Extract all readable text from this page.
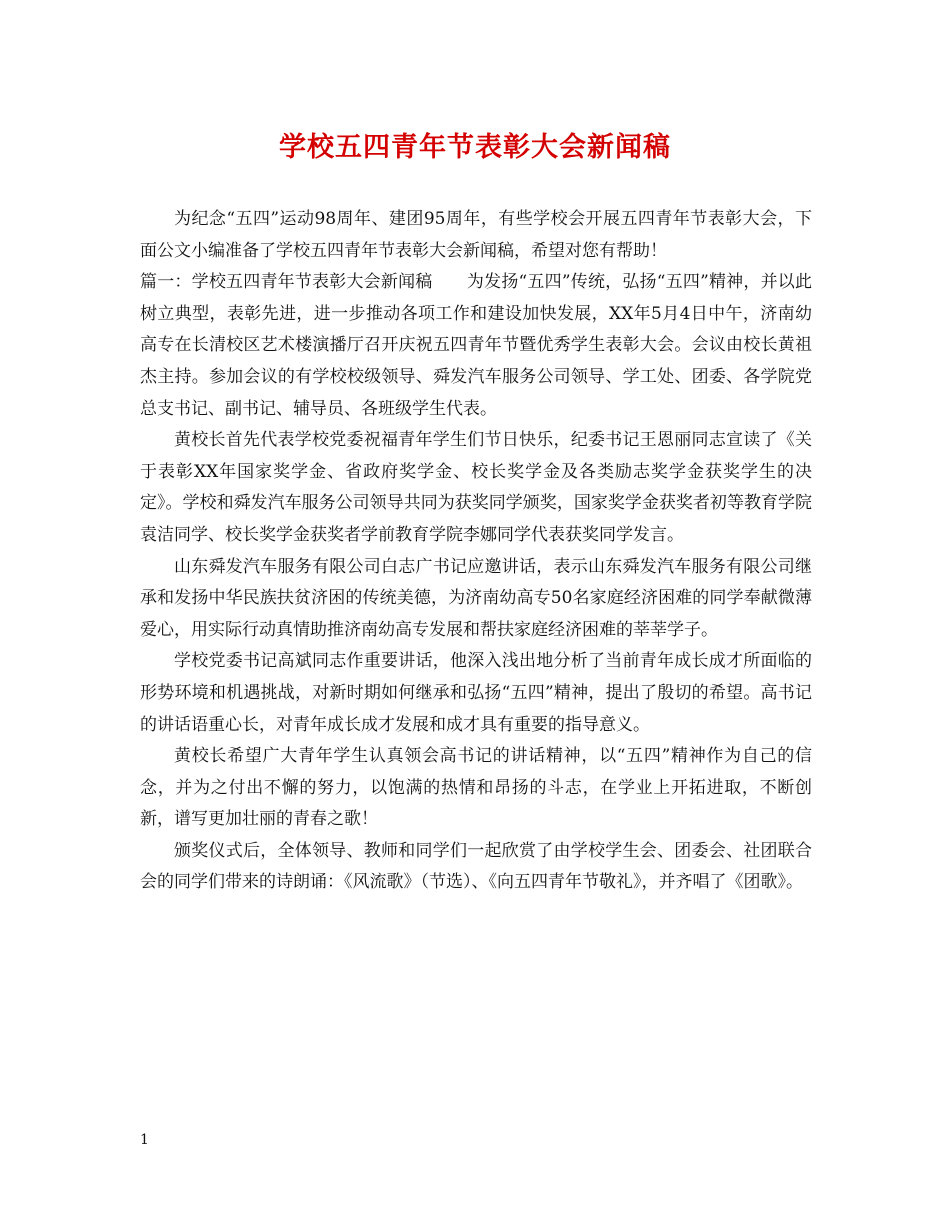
学校五四青年节表彰大会新闻稿

为纪念“五四”运动98周年、建团95周年，有些学校会开展五四青年节表彰大会，下面公文小编准备了学校五四青年节表彰大会新闻稿，希望对您有帮助！

篇一：学校五四青年节表彰大会新闻稿　　为发扬“五四”传统，弘扬“五四”精神，并以此树立典型，表彰先进，进一步推动各项工作和建设加快发展，XX年5月4日中午，济南幼高专在长清校区艺术楼演播厅召开庆祝五四青年节暨优秀学生表彰大会。会议由校长黄祖杰主持。参加会议的有学校校级领导、舜发汽车服务公司领导、学工处、团委、各学院党总支书记、副书记、辅导员、各班级学生代表。

黄校长首先代表学校党委祝福青年学生们节日快乐，纪委书记王恩丽同志宣读了《关于表彰XX年国家奖学金、省政府奖学金、校长奖学金及各类励志奖学金获奖学生的决定》。学校和舜发汽车服务公司领导共同为获奖同学颁奖，国家奖学金获奖者初等教育学院袁洁同学、校长奖学金获奖者学前教育学院李娜同学代表获奖同学发言。

山东舜发汽车服务有限公司白志广书记应邀讲话，表示山东舜发汽车服务有限公司继承和发扬中华民族扶贫济困的传统美德，为济南幼高专50名家庭经济困难的同学奉献微薄爱心，用实际行动真情助推济南幼高专发展和帮扶家庭经济困难的莘莘学子。

学校党委书记高斌同志作重要讲话，他深入浅出地分析了当前青年成长成才所面临的形势环境和机遇挑战，对新时期如何继承和弘扬“五四”精神，提出了殷切的希望。高书记的讲话语重心长，对青年成长成才发展和成才具有重要的指导意义。

黄校长希望广大青年学生认真领会高书记的讲话精神，以“五四”精神作为自己的信念，并为之付出不懈的努力，以饱满的热情和昂扬的斗志，在学业上开拓进取，不断创新，谱写更加壮丽的青春之歌！

颁奖仪式后，全体领导、教师和同学们一起欣赏了由学校学生会、团委会、社团联合会的同学们带来的诗朗诵：《风流歌》（节选）、《向五四青年节敬礼》，并齐唱了《团歌》。

1
